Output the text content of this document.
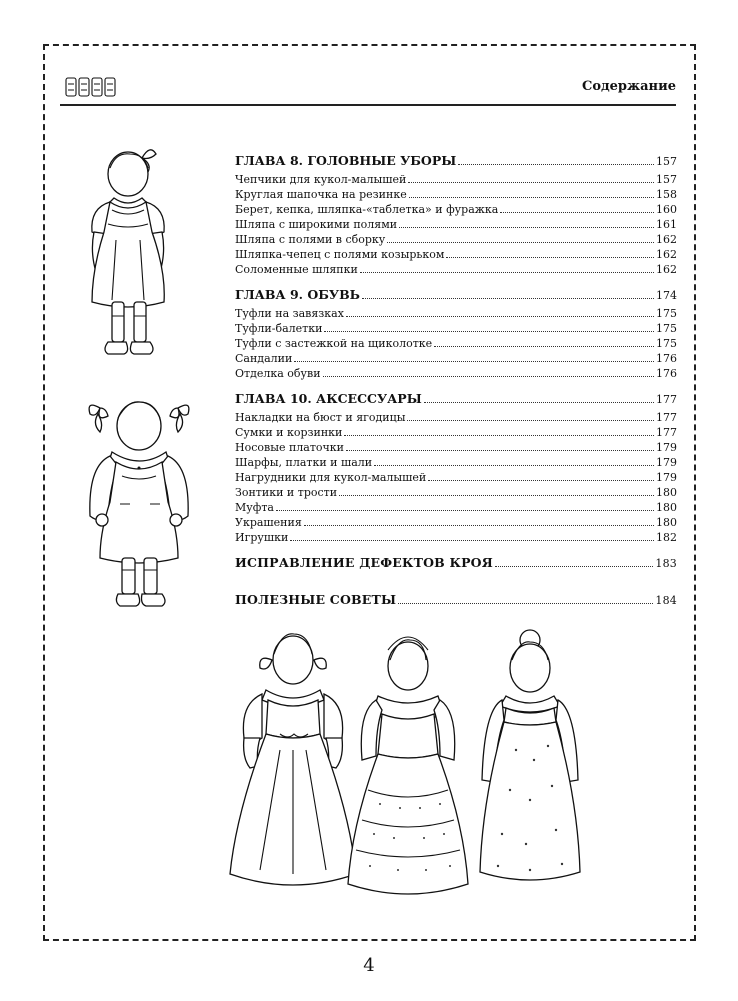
Содержание
ГЛАВА 8. ГОЛОВНЫЕ УБОРЫ	157
Чепчики для кукол-малышей	157
Круглая шапочка на резинке	158
Берет, кепка, шляпка-«таблетка» и фуражка	160
Шляпа с широкими полями	161
Шляпа с полями в сборку	162
Шляпка-чепец с полями козырьком	162
Соломенные шляпки	162
ГЛАВА 9. ОБУВЬ	174
Туфли на завязках	175
Туфли-балетки	175
Туфли с застежкой на щиколотке	175
Сандалии	176
Отделка обуви	176
ГЛАВА 10. АКСЕССУАРЫ	177
Накладки на бюст и ягодицы	177
Сумки и корзинки	177
Носовые платочки	179
Шарфы, платки и шали	179
Нагрудники для кукол-малышей	179
Зонтики и трости	180
Муфта	180
Украшения	180
Игрушки	182
ИСПРАВЛЕНИЕ ДЕФЕКТОВ КРОЯ	183
ПОЛЕЗНЫЕ СОВЕТЫ	184
4
